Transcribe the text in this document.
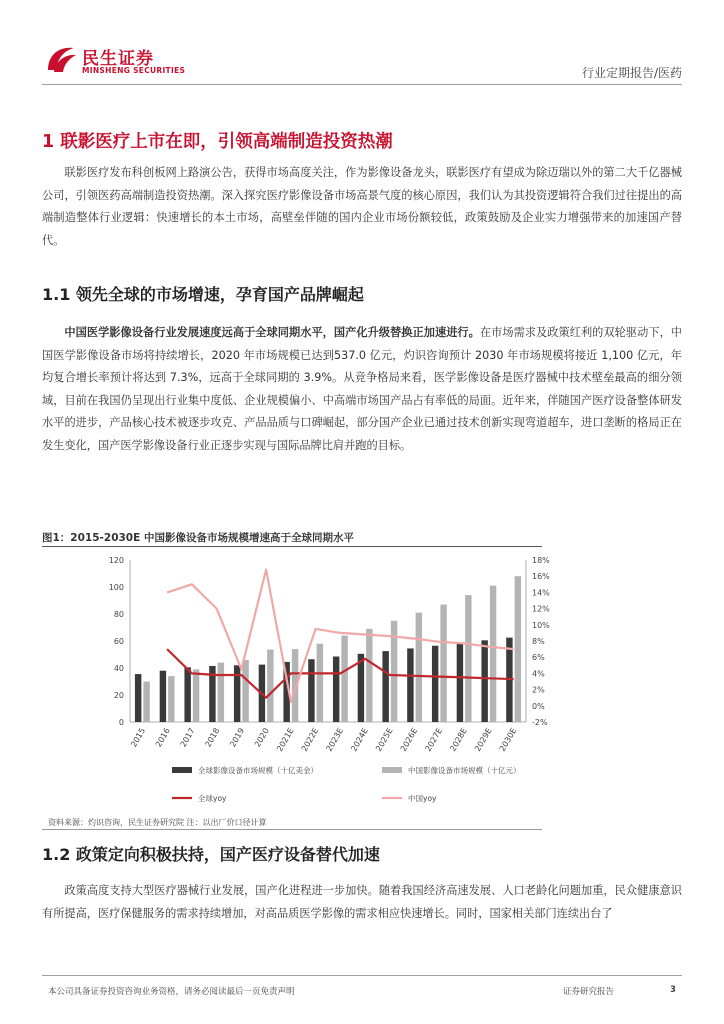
民生证券
MINSHENG SECURITIES	行业定期报告/医药
1 联影医疗上市在即，引领高端制造投资热潮

联影医疗发布科创板网上路演公告，获得市场高度关注，作为影像设备龙头，联影医疗有望成为除迈瑞以外的第二大千亿器械公司，引领医药高端制造投资热潮。深入探究医疗影像设备市场高景气度的核心原因，我们认为其投资逻辑符合我们过往提出的高端制造整体行业逻辑：快速增长的本土市场，高壁垒伴随的国内企业市场份额较低，政策鼓励及企业实力增强带来的加速国产替代。

1.1 领先全球的市场增速，孕育国产品牌崛起

中国医学影像设备行业发展速度远高于全球同期水平，国产化升级替换正加速进行。在市场需求及政策红利的双轮驱动下，中国医学影像设备市场将持续增长，2020 年市场规模已达到537.0 亿元，灼识咨询预计 2030 年市场规模将接近 1,100 亿元，年均复合增长率预计将达到 7.3%，远高于全球同期的 3.9%。从竞争格局来看，医学影像设备是医疗器械中技术壁垒最高的细分领域，目前在我国仍呈现出行业集中度低、企业规模偏小、中高端市场国产品占有率低的局面。近年来，伴随国产医疗设备整体研发水平的进步，产品核心技术被逐步攻克、产品品质与口碑崛起，部分国产企业已通过技术创新实现弯道超车，进口垄断的格局正在发生变化，国产医学影像设备行业正逐步实现与国际品牌比肩并跑的目标。

图1：2015-2030E 中国影像设备市场规模增速高于全球同期水平
0
20
40
60
80
100
120
-2%
0%
2%
4%
6%
8%
10%
12%
14%
16%
18%
2015 2016 2017 2018 2019 2020 2021E 2022E 2023E 2024E 2025E 2026E 2027E 2028E 2029E 2030E
全球影像设备市场规模（十亿美金）	中国影像设备市场规模（十亿元）
全球yoy	中国yoy
资料来源：灼识咨询，民生证券研究院 注：以出厂价口径计算
1.2 政策定向积极扶持，国产医疗设备替代加速

政策高度支持大型医疗器械行业发展，国产化进程进一步加快。随着我国经济高速发展、人口老龄化问题加重，民众健康意识有所提高，医疗保健服务的需求持续增加，对高品质医学影像的需求相应快速增长。同时，国家相关部门连续出台了

本公司具备证券投资咨询业务资格，请务必阅读最后一页免责声明	证券研究报告	3
